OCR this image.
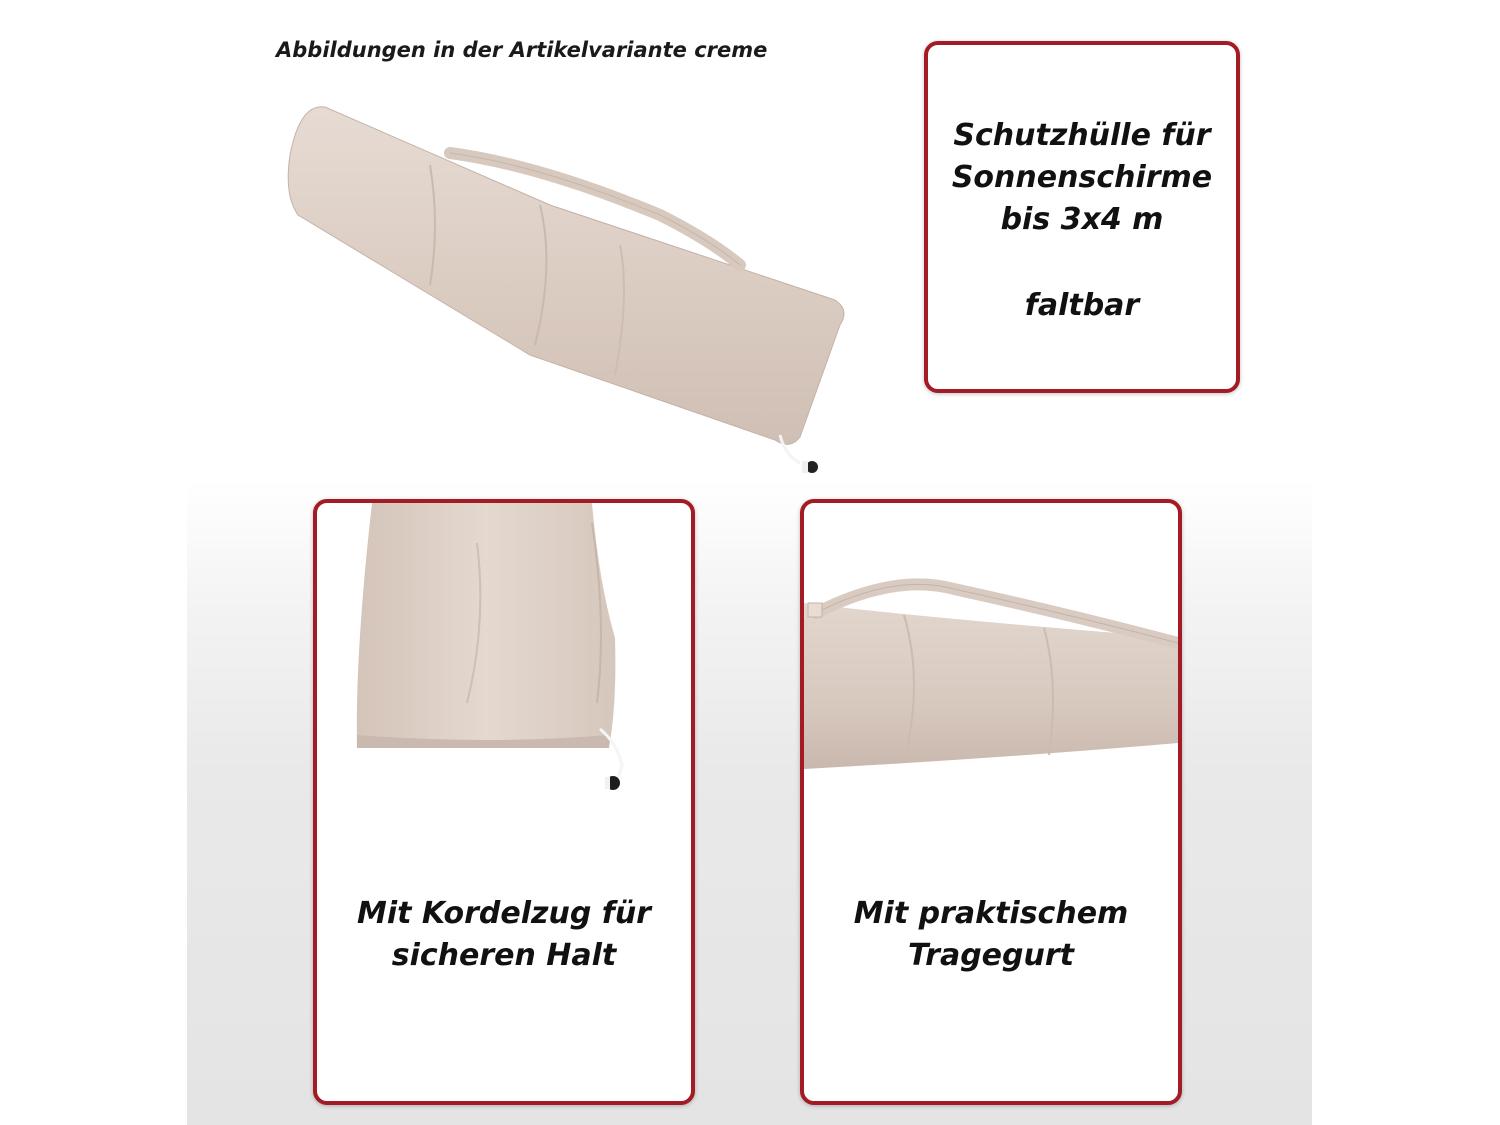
Abbildungen in der Artikelvariante creme
Schutzhülle für
Sonnenschirme
bis 3x4 m
faltbar
Mit Kordelzug für
sicheren Halt
Mit praktischem
Tragegurt
